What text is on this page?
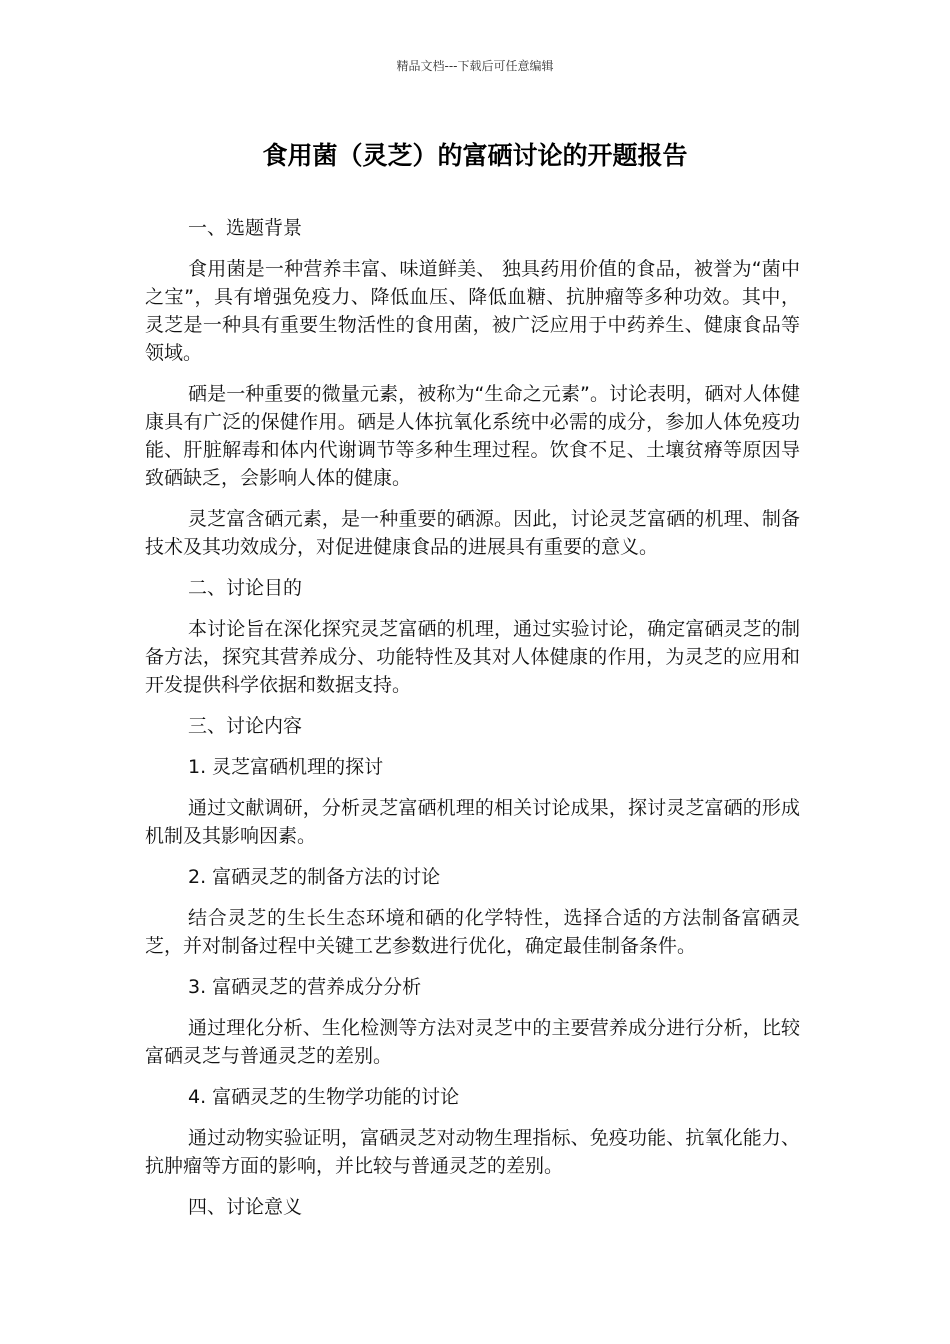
精品文档---下载后可任意编辑
食用菌（灵芝）的富硒讨论的开题报告
一、选题背景
食用菌是一种营养丰富、味道鲜美、 独具药用价值的食品，被誉为“菌中之宝”，具有增强免疫力、降低血压、降低血糖、抗肿瘤等多种功效。其中，灵芝是一种具有重要生物活性的食用菌，被广泛应用于中药养生、健康食品等领域。
硒是一种重要的微量元素，被称为“生命之元素”。讨论表明，硒对人体健康具有广泛的保健作用。硒是人体抗氧化系统中必需的成分，参加人体免疫功能、肝脏解毒和体内代谢调节等多种生理过程。饮食不足、土壤贫瘠等原因导致硒缺乏，会影响人体的健康。
灵芝富含硒元素，是一种重要的硒源。因此，讨论灵芝富硒的机理、制备技术及其功效成分，对促进健康食品的进展具有重要的意义。
二、讨论目的
本讨论旨在深化探究灵芝富硒的机理，通过实验讨论，确定富硒灵芝的制备方法，探究其营养成分、功能特性及其对人体健康的作用，为灵芝的应用和开发提供科学依据和数据支持。
三、讨论内容
1. 灵芝富硒机理的探讨
通过文献调研，分析灵芝富硒机理的相关讨论成果，探讨灵芝富硒的形成机制及其影响因素。
2. 富硒灵芝的制备方法的讨论
结合灵芝的生长生态环境和硒的化学特性，选择合适的方法制备富硒灵芝，并对制备过程中关键工艺参数进行优化，确定最佳制备条件。
3. 富硒灵芝的营养成分分析
通过理化分析、生化检测等方法对灵芝中的主要营养成分进行分析，比较富硒灵芝与普通灵芝的差别。
4. 富硒灵芝的生物学功能的讨论
通过动物实验证明，富硒灵芝对动物生理指标、免疫功能、抗氧化能力、抗肿瘤等方面的影响，并比较与普通灵芝的差别。
四、讨论意义
